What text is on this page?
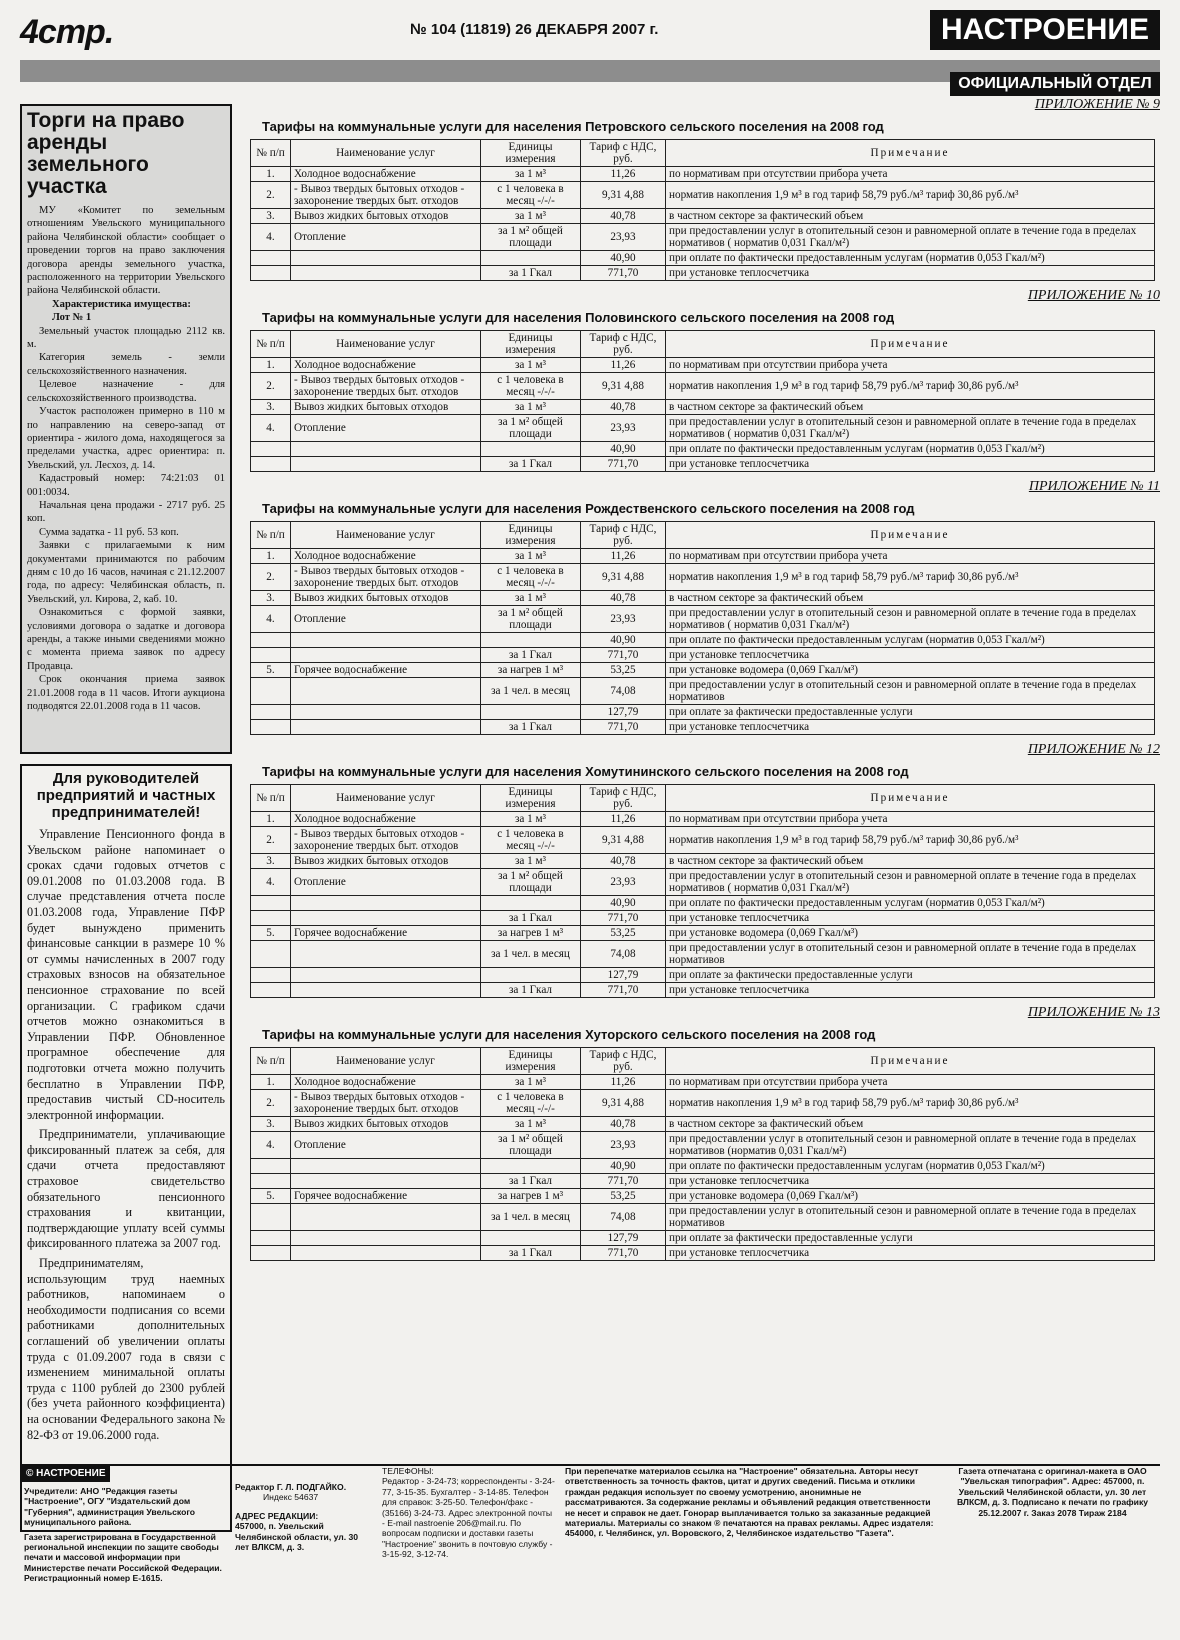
4стр.	№ 104 (11819) 26 ДЕКАБРЯ 2007 г.	НАСТРОЕНИЕ
ОФИЦИАЛЬНЫЙ ОТДЕЛ
Торги на право аренды земельного участка

МУ «Комитет по земельным отношениям Увельского муниципального района Челябинской области» сообщает о проведении торгов на право заключения договора аренды земельного участка, расположенного на территории Увельского района Челябинской области.

Характеристика имущества:

Лот № 1

Земельный участок площадью 2112 кв. м.

Категория земель - земли сельскохозяйственного назначения.

Целевое назначение - для сельскохозяйственного производства.

Участок расположен примерно в 110 м по направлению на северо-запад от ориентира - жилого дома, находящегося за пределами участка, адрес ориентира: п. Увельский, ул. Лесхоз, д. 14.

Кадастровый номер: 74:21:03 01 001:0034.

Начальная цена продажи - 2717 руб. 25 коп.

Сумма задатка - 11 руб. 53 коп.

Заявки с прилагаемыми к ним документами принимаются по рабочим дням с 10 до 16 часов, начиная с 21.12.2007 года, по адресу: Челябинская область, п. Увельский, ул. Кирова, 2, каб. 10.

Ознакомиться с формой заявки, условиями договора о задатке и договора аренды, а также иными сведениями можно с момента приема заявок по адресу Продавца.

Срок окончания приема заявок 21.01.2008 года в 11 часов. Итоги аукциона подводятся 22.01.2008 года в 11 часов.

Для руководителей предприятий и частных предпринимателей!

Управление Пенсионного фонда в Увельском районе напоминает о сроках сдачи годовых отчетов с 09.01.2008 по 01.03.2008 года. В случае представления отчета после 01.03.2008 года, Управление ПФР будет вынуждено применить финансовые санкции в размере 10 % от суммы начисленных в 2007 году страховых взносов на обязательное пенсионное страхование по всей организации. С графиком сдачи отчетов можно ознакомиться в Управлении ПФР. Обновленное програмное обеспечение для подготовки отчета можно получить бесплатно в Управлении ПФР, предоставив чистый CD-носитель электронной информации.

Предприниматели, уплачивающие фиксированный платеж за себя, для сдачи отчета предоставляют страховое свидетельство обязательного пенсионного страхования и квитанции, подтверждающие уплату всей суммы фиксированного платежа за 2007 год.

Предпринимателям, использующим труд наемных работников, напоминаем о необходимости подписания со всеми работниками дополнительных соглашений об увеличении оплаты труда с 01.09.2007 года в связи с изменением минимальной оплаты труда с 1100 рублей до 2300 рублей (без учета районного коэффициента) на основании Федерального закона № 82-ФЗ от 19.06.2000 года.

ПРИЛОЖЕНИЕ № 9
Тарифы на коммунальные услуги для населения Петровского сельского поселения на 2008 год
№ п/п	Наименование услуг	Единицы измерения	Тариф с НДС, руб.	Примечание
1.	Холодное водоснабжение	за 1 м³	11,26	по нормативам при отсутствии прибора учета
2.	- Вывоз твердых бытовых отходов - захоронение твердых быт. отходов	с 1 человека в месяц -/-/-	9,31 4,88	норматив накопления 1,9 м³ в год тариф 58,79 руб./м³ тариф 30,86 руб./м³
3.	Вывоз жидких бытовых отходов	за 1 м³	40,78	в частном секторе за фактический объем
4.	Отопление	за 1 м² общей площади	23,93	при предоставлении услуг в отопительный сезон и равномерной оплате в течение года в пределах нормативов ( норматив 0,031 Гкал/м²)
			40,90	при оплате по фактически предоставленным услугам (норматив 0,053 Гкал/м²)
		за 1 Гкал	771,70	при установке теплосчетчика
ПРИЛОЖЕНИЕ № 10
Тарифы на коммунальные услуги для населения Половинского сельского поселения на 2008 год
№ п/п	Наименование услуг	Единицы измерения	Тариф с НДС, руб.	Примечание
1.	Холодное водоснабжение	за 1 м³	11,26	по нормативам при отсутствии прибора учета
2.	- Вывоз твердых бытовых отходов - захоронение твердых быт. отходов	с 1 человека в месяц -/-/-	9,31 4,88	норматив накопления 1,9 м³ в год тариф 58,79 руб./м³ тариф 30,86 руб./м³
3.	Вывоз жидких бытовых отходов	за 1 м³	40,78	в частном секторе за фактический объем
4.	Отопление	за 1 м² общей площади	23,93	при предоставлении услуг в отопительный сезон и равномерной оплате в течение года в пределах нормативов ( норматив 0,031 Гкал/м²)
			40,90	при оплате по фактически предоставленным услугам (норматив 0,053 Гкал/м²)
		за 1 Гкал	771,70	при установке теплосчетчика
ПРИЛОЖЕНИЕ № 11
Тарифы на коммунальные услуги для населения Рождественского сельского поселения на 2008 год
№ п/п	Наименование услуг	Единицы измерения	Тариф с НДС, руб.	Примечание
1.	Холодное водоснабжение	за 1 м³	11,26	по нормативам при отсутствии прибора учета
2.	- Вывоз твердых бытовых отходов - захоронение твердых быт. отходов	с 1 человека в месяц -/-/-	9,31 4,88	норматив накопления 1,9 м³ в год тариф 58,79 руб./м³ тариф 30,86 руб./м³
3.	Вывоз жидких бытовых отходов	за 1 м³	40,78	в частном секторе за фактический объем
4.	Отопление	за 1 м² общей площади	23,93	при предоставлении услуг в отопительный сезон и равномерной оплате в течение года в пределах нормативов ( норматив 0,031 Гкал/м²)
			40,90	при оплате по фактически предоставленным услугам (норматив 0,053 Гкал/м²)
		за 1 Гкал	771,70	при установке теплосчетчика
5.	Горячее водоснабжение	за нагрев 1 м³	53,25	при установке водомера (0,069 Гкал/м³)
		за 1 чел. в месяц	74,08	при предоставлении услуг в отопительный сезон и равномерной оплате в течение года в пределах нормативов
			127,79	при оплате за фактически предоставленные услуги
		за 1 Гкал	771,70	при установке теплосчетчика
ПРИЛОЖЕНИЕ № 12
Тарифы на коммунальные услуги для населения Хомутининского сельского поселения на 2008 год
№ п/п	Наименование услуг	Единицы измерения	Тариф с НДС, руб.	Примечание
1.	Холодное водоснабжение	за 1 м³	11,26	по нормативам при отсутствии прибора учета
2.	- Вывоз твердых бытовых отходов - захоронение твердых быт. отходов	с 1 человека в месяц -/-/-	9,31 4,88	норматив накопления 1,9 м³ в год тариф 58,79 руб./м³ тариф 30,86 руб./м³
3.	Вывоз жидких бытовых отходов	за 1 м³	40,78	в частном секторе за фактический объем
4.	Отопление	за 1 м² общей площади	23,93	при предоставлении услуг в отопительный сезон и равномерной оплате в течение года в пределах нормативов ( норматив 0,031 Гкал/м²)
			40,90	при оплате по фактически предоставленным услугам (норматив 0,053 Гкал/м²)
		за 1 Гкал	771,70	при установке теплосчетчика
5.	Горячее водоснабжение	за нагрев 1 м³	53,25	при установке водомера (0,069 Гкал/м³)
		за 1 чел. в месяц	74,08	при предоставлении услуг в отопительный сезон и равномерной оплате в течение года в пределах нормативов
			127,79	при оплате за фактически предоставленные услуги
		за 1 Гкал	771,70	при установке теплосчетчика
ПРИЛОЖЕНИЕ № 13
Тарифы на коммунальные услуги для населения Хуторского сельского поселения на 2008 год
№ п/п	Наименование услуг	Единицы измерения	Тариф с НДС, руб.	Примечание
1.	Холодное водоснабжение	за 1 м³	11,26	по нормативам при отсутствии прибора учета
2.	- Вывоз твердых бытовых отходов - захоронение твердых быт. отходов	с 1 человека в месяц -/-/-	9,31 4,88	норматив накопления 1,9 м³ в год тариф 58,79 руб./м³ тариф 30,86 руб./м³
3.	Вывоз жидких бытовых отходов	за 1 м³	40,78	в частном секторе за фактический объем
4.	Отопление	за 1 м² общей площади	23,93	при предоставлении услуг в отопительный сезон и равномерной оплате в течение года в пределах нормативов (норматив 0,031 Гкал/м²)
			40,90	при оплате по фактически предоставленным услугам (норматив 0,053 Гкал/м²)
		за 1 Гкал	771,70	при установке теплосчетчика
5.	Горячее водоснабжение	за нагрев 1 м³	53,25	при установке водомера (0,069 Гкал/м³)
		за 1 чел. в месяц	74,08	при предоставлении услуг в отопительный сезон и равномерной оплате в течение года в пределах нормативов
			127,79	при оплате за фактически предоставленные услуги
		за 1 Гкал	771,70	при установке теплосчетчика
© НАСТРОЕНИЕ
Учредители: АНО "Редакция газеты "Настроение", ОГУ "Издательский дом "Губерния", администрация Увельского муниципального района.
Газета зарегистрирована в Государственной региональной инспекции по защите свободы печати и массовой информации при Министерстве печати Российской Федерации. Регистрационный номер Е-1615.
Редактор Г. Л. ПОДГАЙКО.
Индекс 54637
АДРЕС РЕДАКЦИИ:
457000, п. Увельский Челябинской области, ул. 30 лет ВЛКСМ, д. 3.
ТЕЛЕФОНЫ:
Редактор - 3-24-73; корреспонденты - 3-24-77, 3-15-35. Бухгалтер - 3-14-85. Телефон для справок: 3-25-50. Телефон/факс - (35166) 3-24-73. Адрес электронной почты - E-mail nastroenie 206@mail.ru. По вопросам подписки и доставки газеты "Настроение" звонить в почтовую службу - 3-15-92, 3-12-74.
При перепечатке материалов ссылка на "Настроение" обязательна. Авторы несут ответственность за точность фактов, цитат и других сведений. Письма и отклики граждан редакция использует по своему усмотрению, анонимные не рассматриваются. За содержание рекламы и объявлений редакция ответственности не несет и справок не дает. Гонорар выплачивается только за заказанные редакцией материалы. Материалы со знаком ® печатаются на правах рекламы. Адрес издателя: 454000, г. Челябинск, ул. Воровского, 2, Челябинское издательство "Газета".
Газета отпечатана с оригинал-макета в ОАО "Увельская типография". Адрес: 457000, п. Увельский Челябинской области, ул. 30 лет ВЛКСМ, д. 3. Подписано к печати по графику 25.12.2007 г. Заказ 2078 Тираж 2184
